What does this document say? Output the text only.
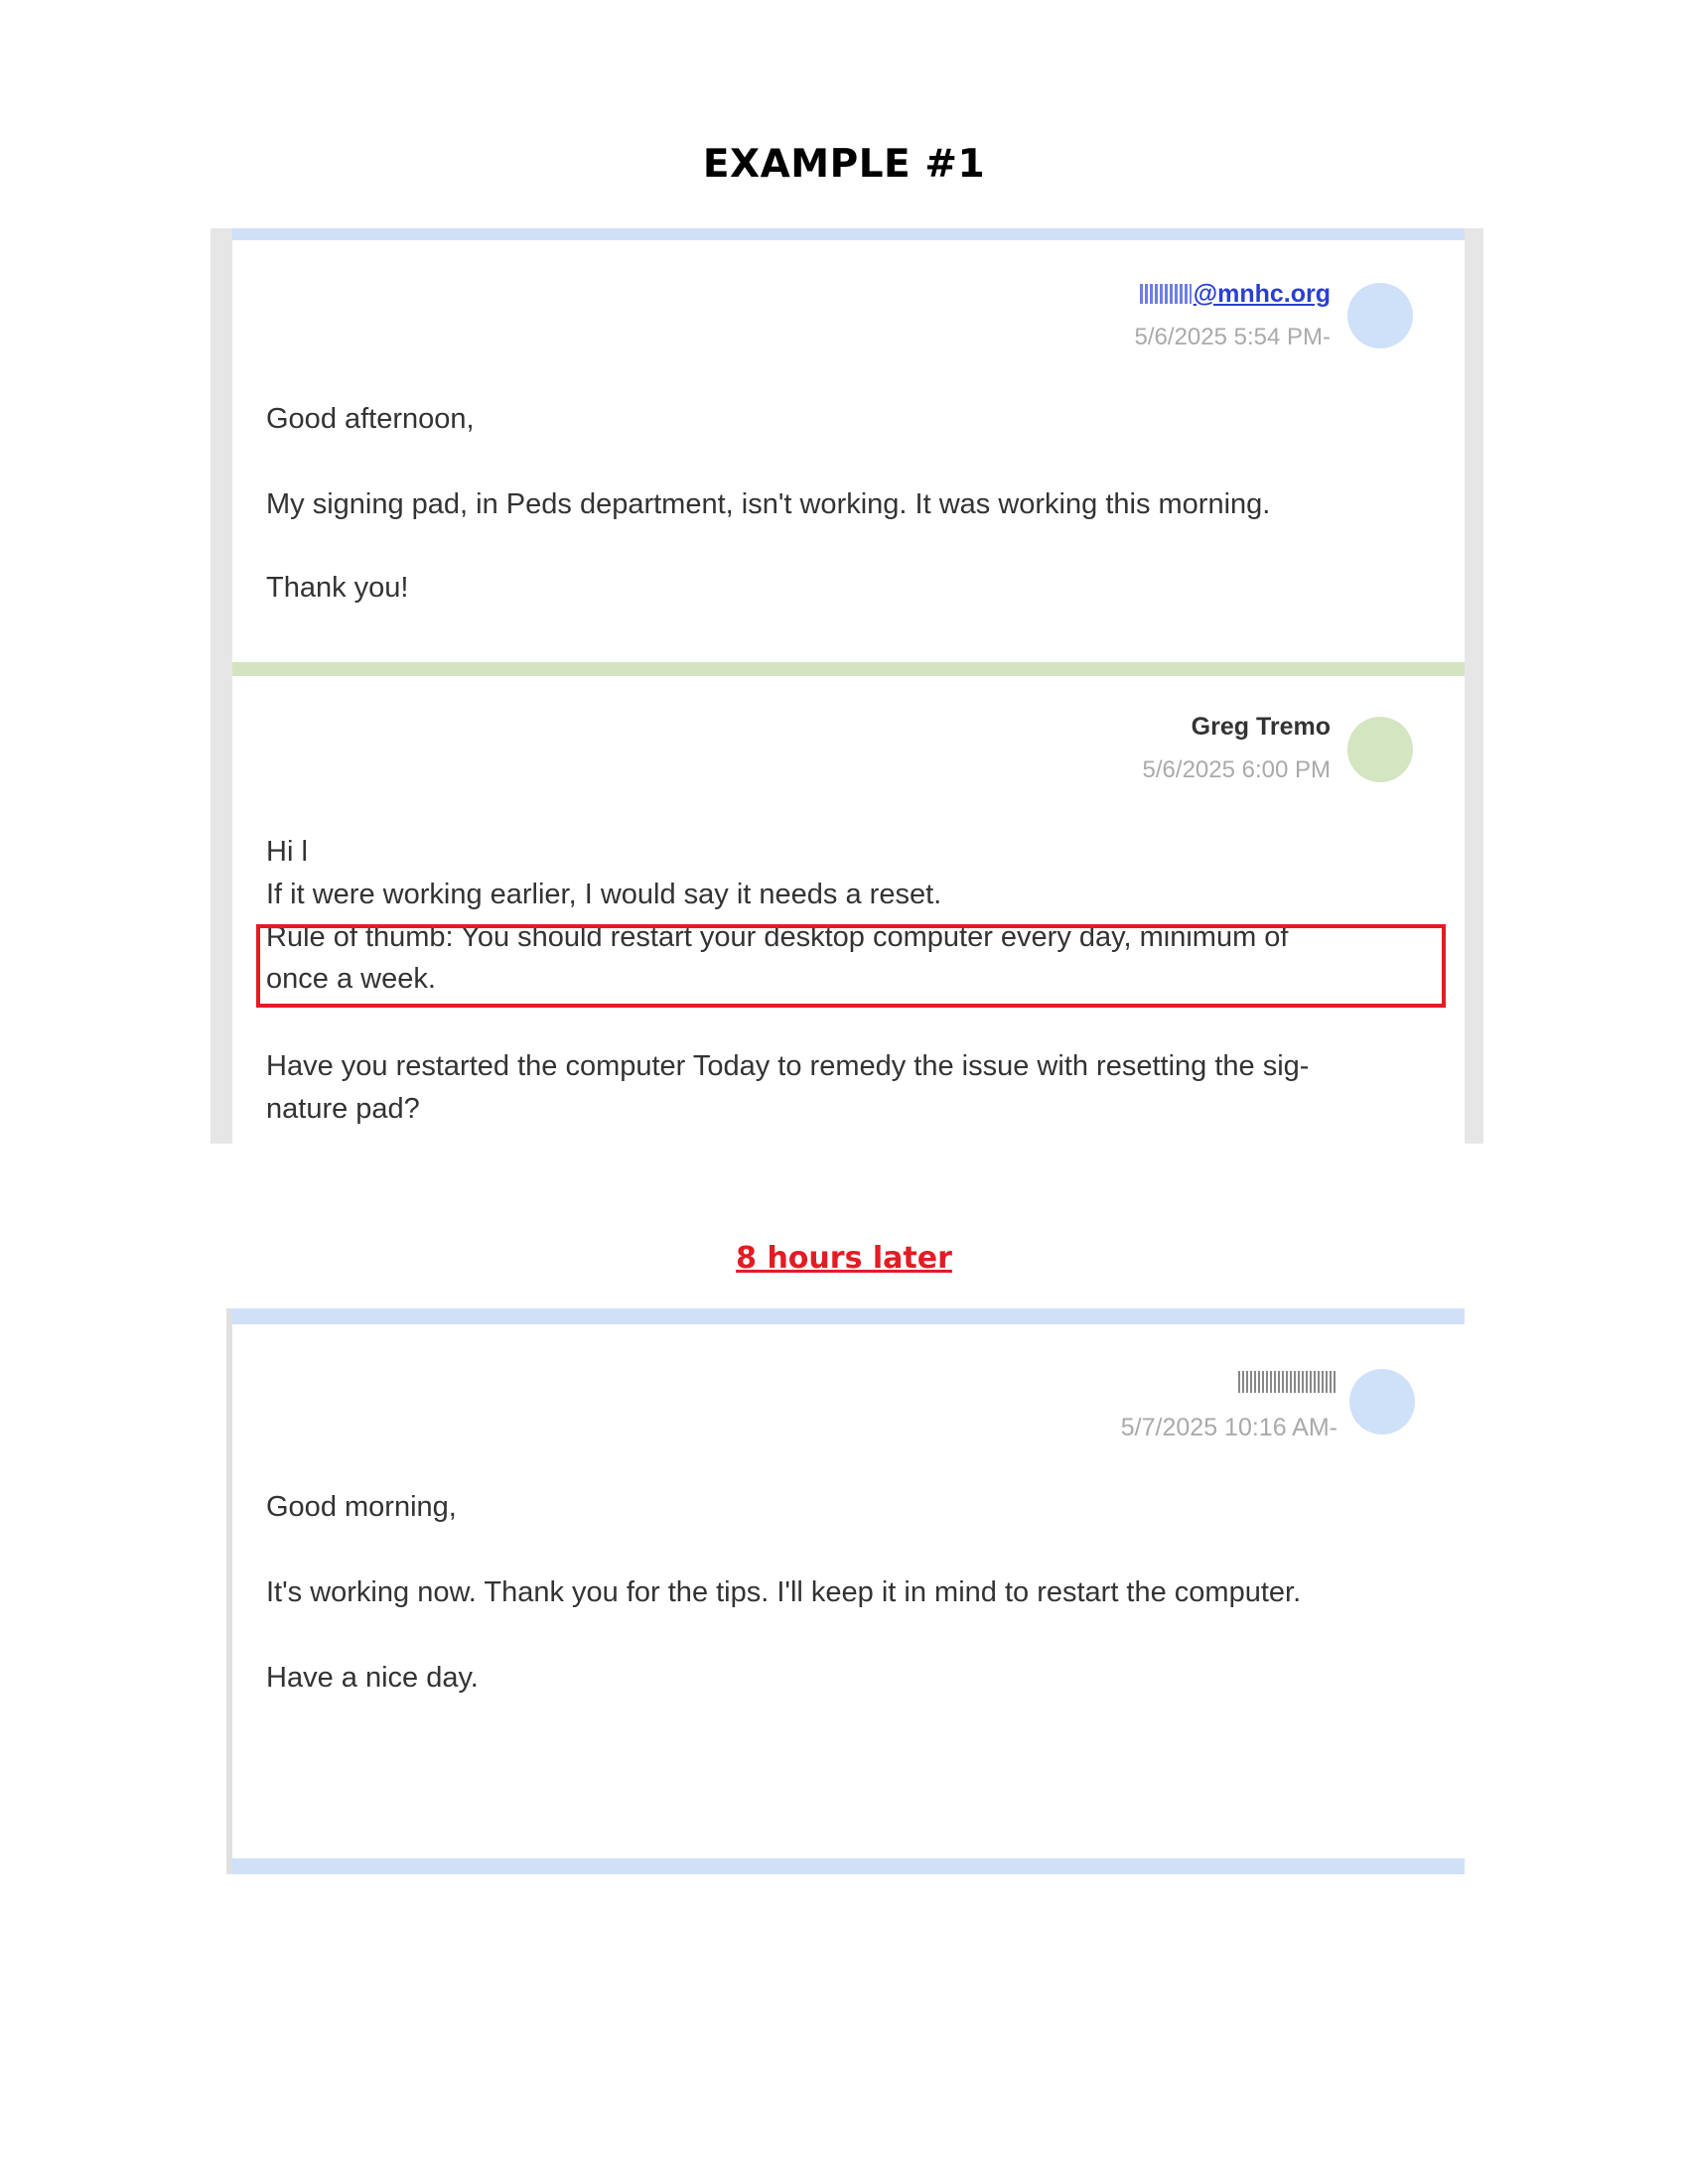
EXAMPLE #1
@mnhc.org
5/6/2025 5:54 PM-
Good afternoon,
My signing pad, in Peds department, isn't working. It was working this morning.
Thank you!
Greg Tremo
5/6/2025 6:00 PM
Hi l
If it were working earlier, I would say it needs a reset.
Rule of thumb: You should restart your desktop computer every day, minimum of
once a week.
Have you restarted the computer Today to remedy the issue with resetting the sig-
nature pad?
8 hours later
5/7/2025 10:16 AM-
Good morning,
It's working now. Thank you for the tips. I'll keep it in mind to restart the computer.
Have a nice day.
